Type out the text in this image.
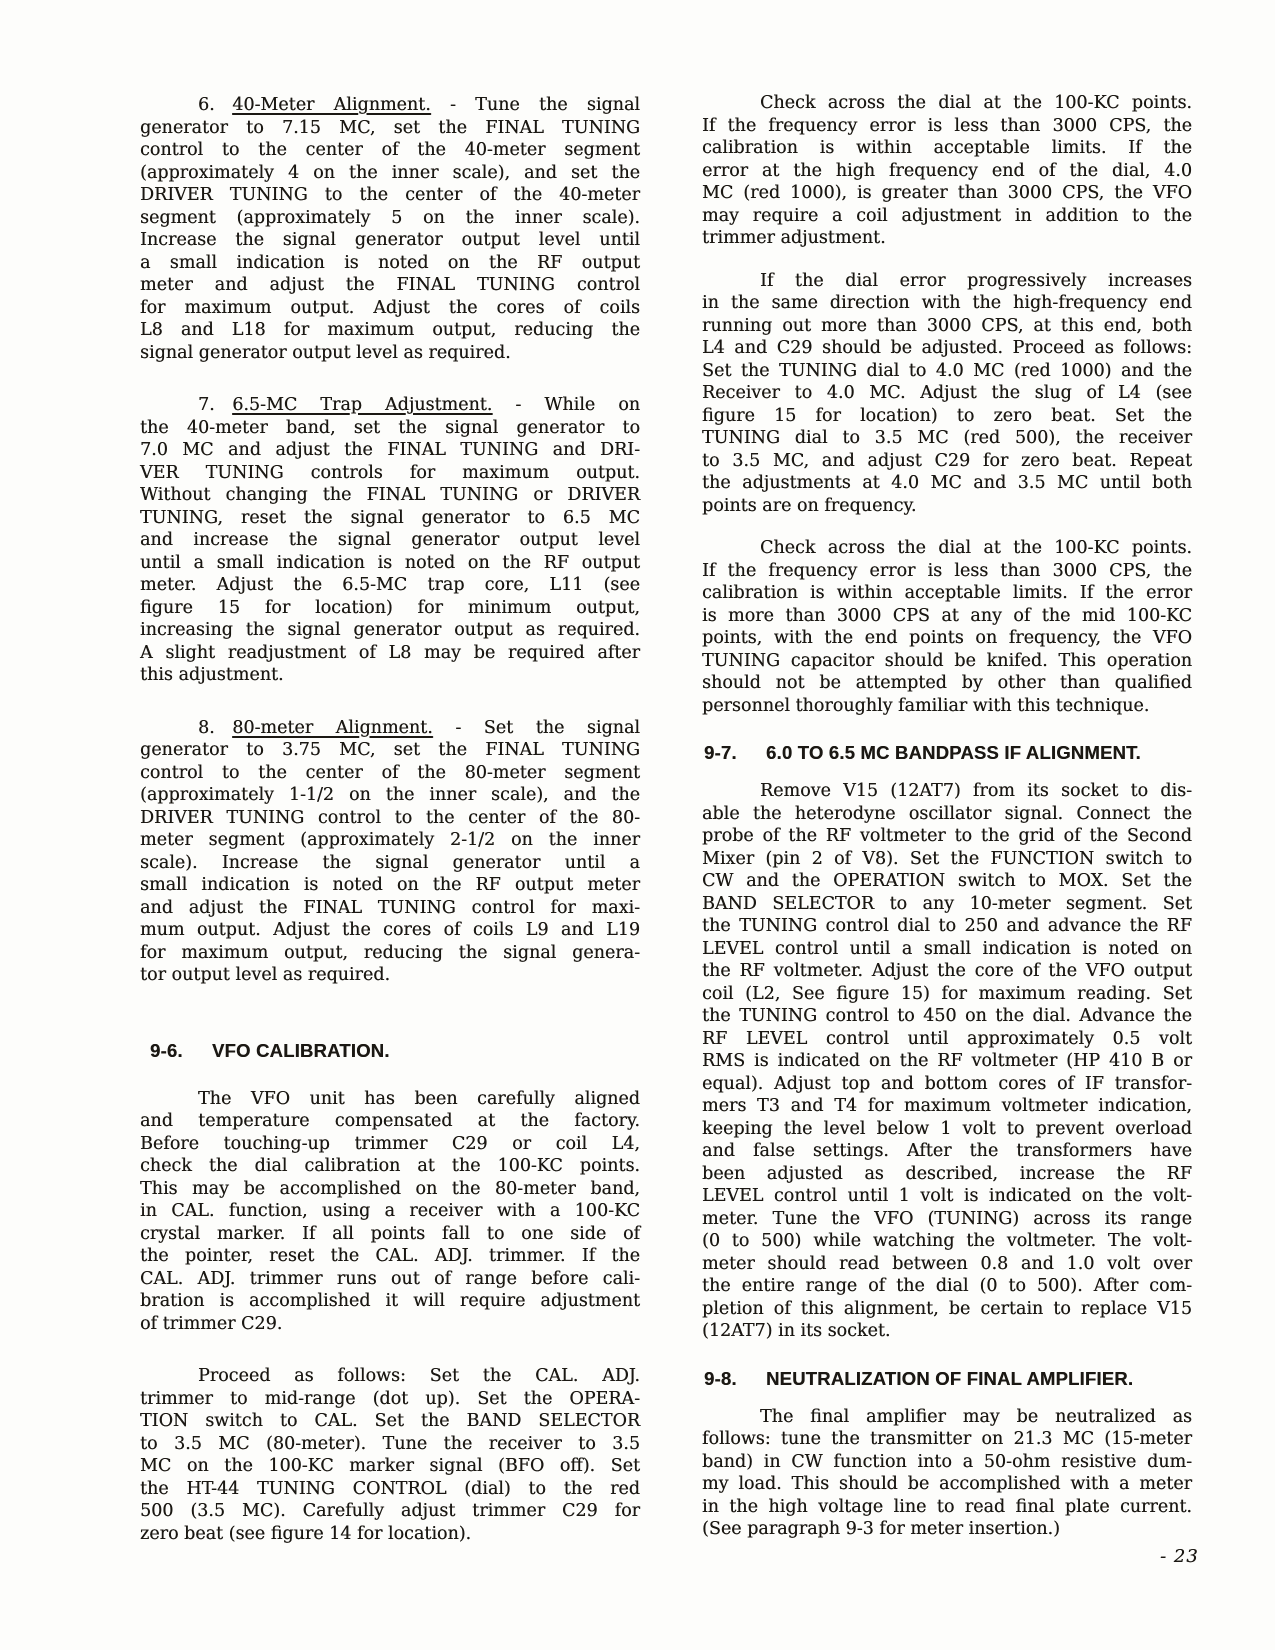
6. 40-Meter Alignment. - Tune the signal
generator to 7.15 MC, set the FINAL TUNING
control to the center of the 40-meter segment
(approximately 4 on the inner scale), and set the
DRIVER TUNING to the center of the 40-meter
segment (approximately 5 on the inner scale).
Increase the signal generator output level until
a small indication is noted on the RF output
meter and adjust the FINAL TUNING control
for maximum output. Adjust the cores of coils
L8 and L18 for maximum output, reducing the
signal generator output level as required.
7. 6.5-MC Trap Adjustment. - While on
the 40-meter band, set the signal generator to
7.0 MC and adjust the FINAL TUNING and DRI-
VER TUNING controls for maximum output.
Without changing the FINAL TUNING or DRIVER
TUNING, reset the signal generator to 6.5 MC
and increase the signal generator output level
until a small indication is noted on the RF output
meter. Adjust the 6.5-MC trap core, L11 (see
figure 15 for location) for minimum output,
increasing the signal generator output as required.
A slight readjustment of L8 may be required after
this adjustment.
8. 80-meter Alignment. - Set the signal
generator to 3.75 MC, set the FINAL TUNING
control to the center of the 80-meter segment
(approximately 1-1/2 on the inner scale), and the
DRIVER TUNING control to the center of the 80-
meter segment (approximately 2-1/2 on the inner
scale). Increase the signal generator until a
small indication is noted on the RF output meter
and adjust the FINAL TUNING control for maxi-
mum output. Adjust the cores of coils L9 and L19
for maximum output, reducing the signal genera-
tor output level as required.
9-6.	VFO CALIBRATION.
The VFO unit has been carefully aligned
and temperature compensated at the factory.
Before touching-up trimmer C29 or coil L4,
check the dial calibration at the 100-KC points.
This may be accomplished on the 80-meter band,
in CAL. function, using a receiver with a 100-KC
crystal marker. If all points fall to one side of
the pointer, reset the CAL. ADJ. trimmer. If the
CAL. ADJ. trimmer runs out of range before cali-
bration is accomplished it will require adjustment
of trimmer C29.
Proceed as follows: Set the CAL. ADJ.
trimmer to mid-range (dot up). Set the OPERA-
TION switch to CAL. Set the BAND SELECTOR
to 3.5 MC (80-meter). Tune the receiver to 3.5
MC on the 100-KC marker signal (BFO off). Set
the HT-44 TUNING CONTROL (dial) to the red
500 (3.5 MC). Carefully adjust trimmer C29 for
zero beat (see figure 14 for location).
Check across the dial at the 100-KC points.
If the frequency error is less than 3000 CPS, the
calibration is within acceptable limits. If the
error at the high frequency end of the dial, 4.0
MC (red 1000), is greater than 3000 CPS, the VFO
may require a coil adjustment in addition to the
trimmer adjustment.
If the dial error progressively increases
in the same direction with the high-frequency end
running out more than 3000 CPS, at this end, both
L4 and C29 should be adjusted. Proceed as follows:
Set the TUNING dial to 4.0 MC (red 1000) and the
Receiver to 4.0 MC. Adjust the slug of L4 (see
figure 15 for location) to zero beat. Set the
TUNING dial to 3.5 MC (red 500), the receiver
to 3.5 MC, and adjust C29 for zero beat. Repeat
the adjustments at 4.0 MC and 3.5 MC until both
points are on frequency.
Check across the dial at the 100-KC points.
If the frequency error is less than 3000 CPS, the
calibration is within acceptable limits. If the error
is more than 3000 CPS at any of the mid 100-KC
points, with the end points on frequency, the VFO
TUNING capacitor should be knifed. This operation
should not be attempted by other than qualified
personnel thoroughly familiar with this technique.
9-7.	6.0 TO 6.5 MC BANDPASS IF ALIGNMENT.
Remove V15 (12AT7) from its socket to dis-
able the heterodyne oscillator signal. Connect the
probe of the RF voltmeter to the grid of the Second
Mixer (pin 2 of V8). Set the FUNCTION switch to
CW and the OPERATION switch to MOX. Set the
BAND SELECTOR to any 10-meter segment. Set
the TUNING control dial to 250 and advance the RF
LEVEL control until a small indication is noted on
the RF voltmeter. Adjust the core of the VFO output
coil (L2, See figure 15) for maximum reading. Set
the TUNING control to 450 on the dial. Advance the
RF LEVEL control until approximately 0.5 volt
RMS is indicated on the RF voltmeter (HP 410 B or
equal). Adjust top and bottom cores of IF transfor-
mers T3 and T4 for maximum voltmeter indication,
keeping the level below 1 volt to prevent overload
and false settings. After the transformers have
been adjusted as described, increase the RF
LEVEL control until 1 volt is indicated on the volt-
meter. Tune the VFO (TUNING) across its range
(0 to 500) while watching the voltmeter. The volt-
meter should read between 0.8 and 1.0 volt over
the entire range of the dial (0 to 500). After com-
pletion of this alignment, be certain to replace V15
(12AT7) in its socket.
9-8.	NEUTRALIZATION OF FINAL AMPLIFIER.
The final amplifier may be neutralized as
follows: tune the transmitter on 21.3 MC (15-meter
band) in CW function into a 50-ohm resistive dum-
my load. This should be accomplished with a meter
in the high voltage line to read final plate current.
(See paragraph 9-3 for meter insertion.)
- 23
